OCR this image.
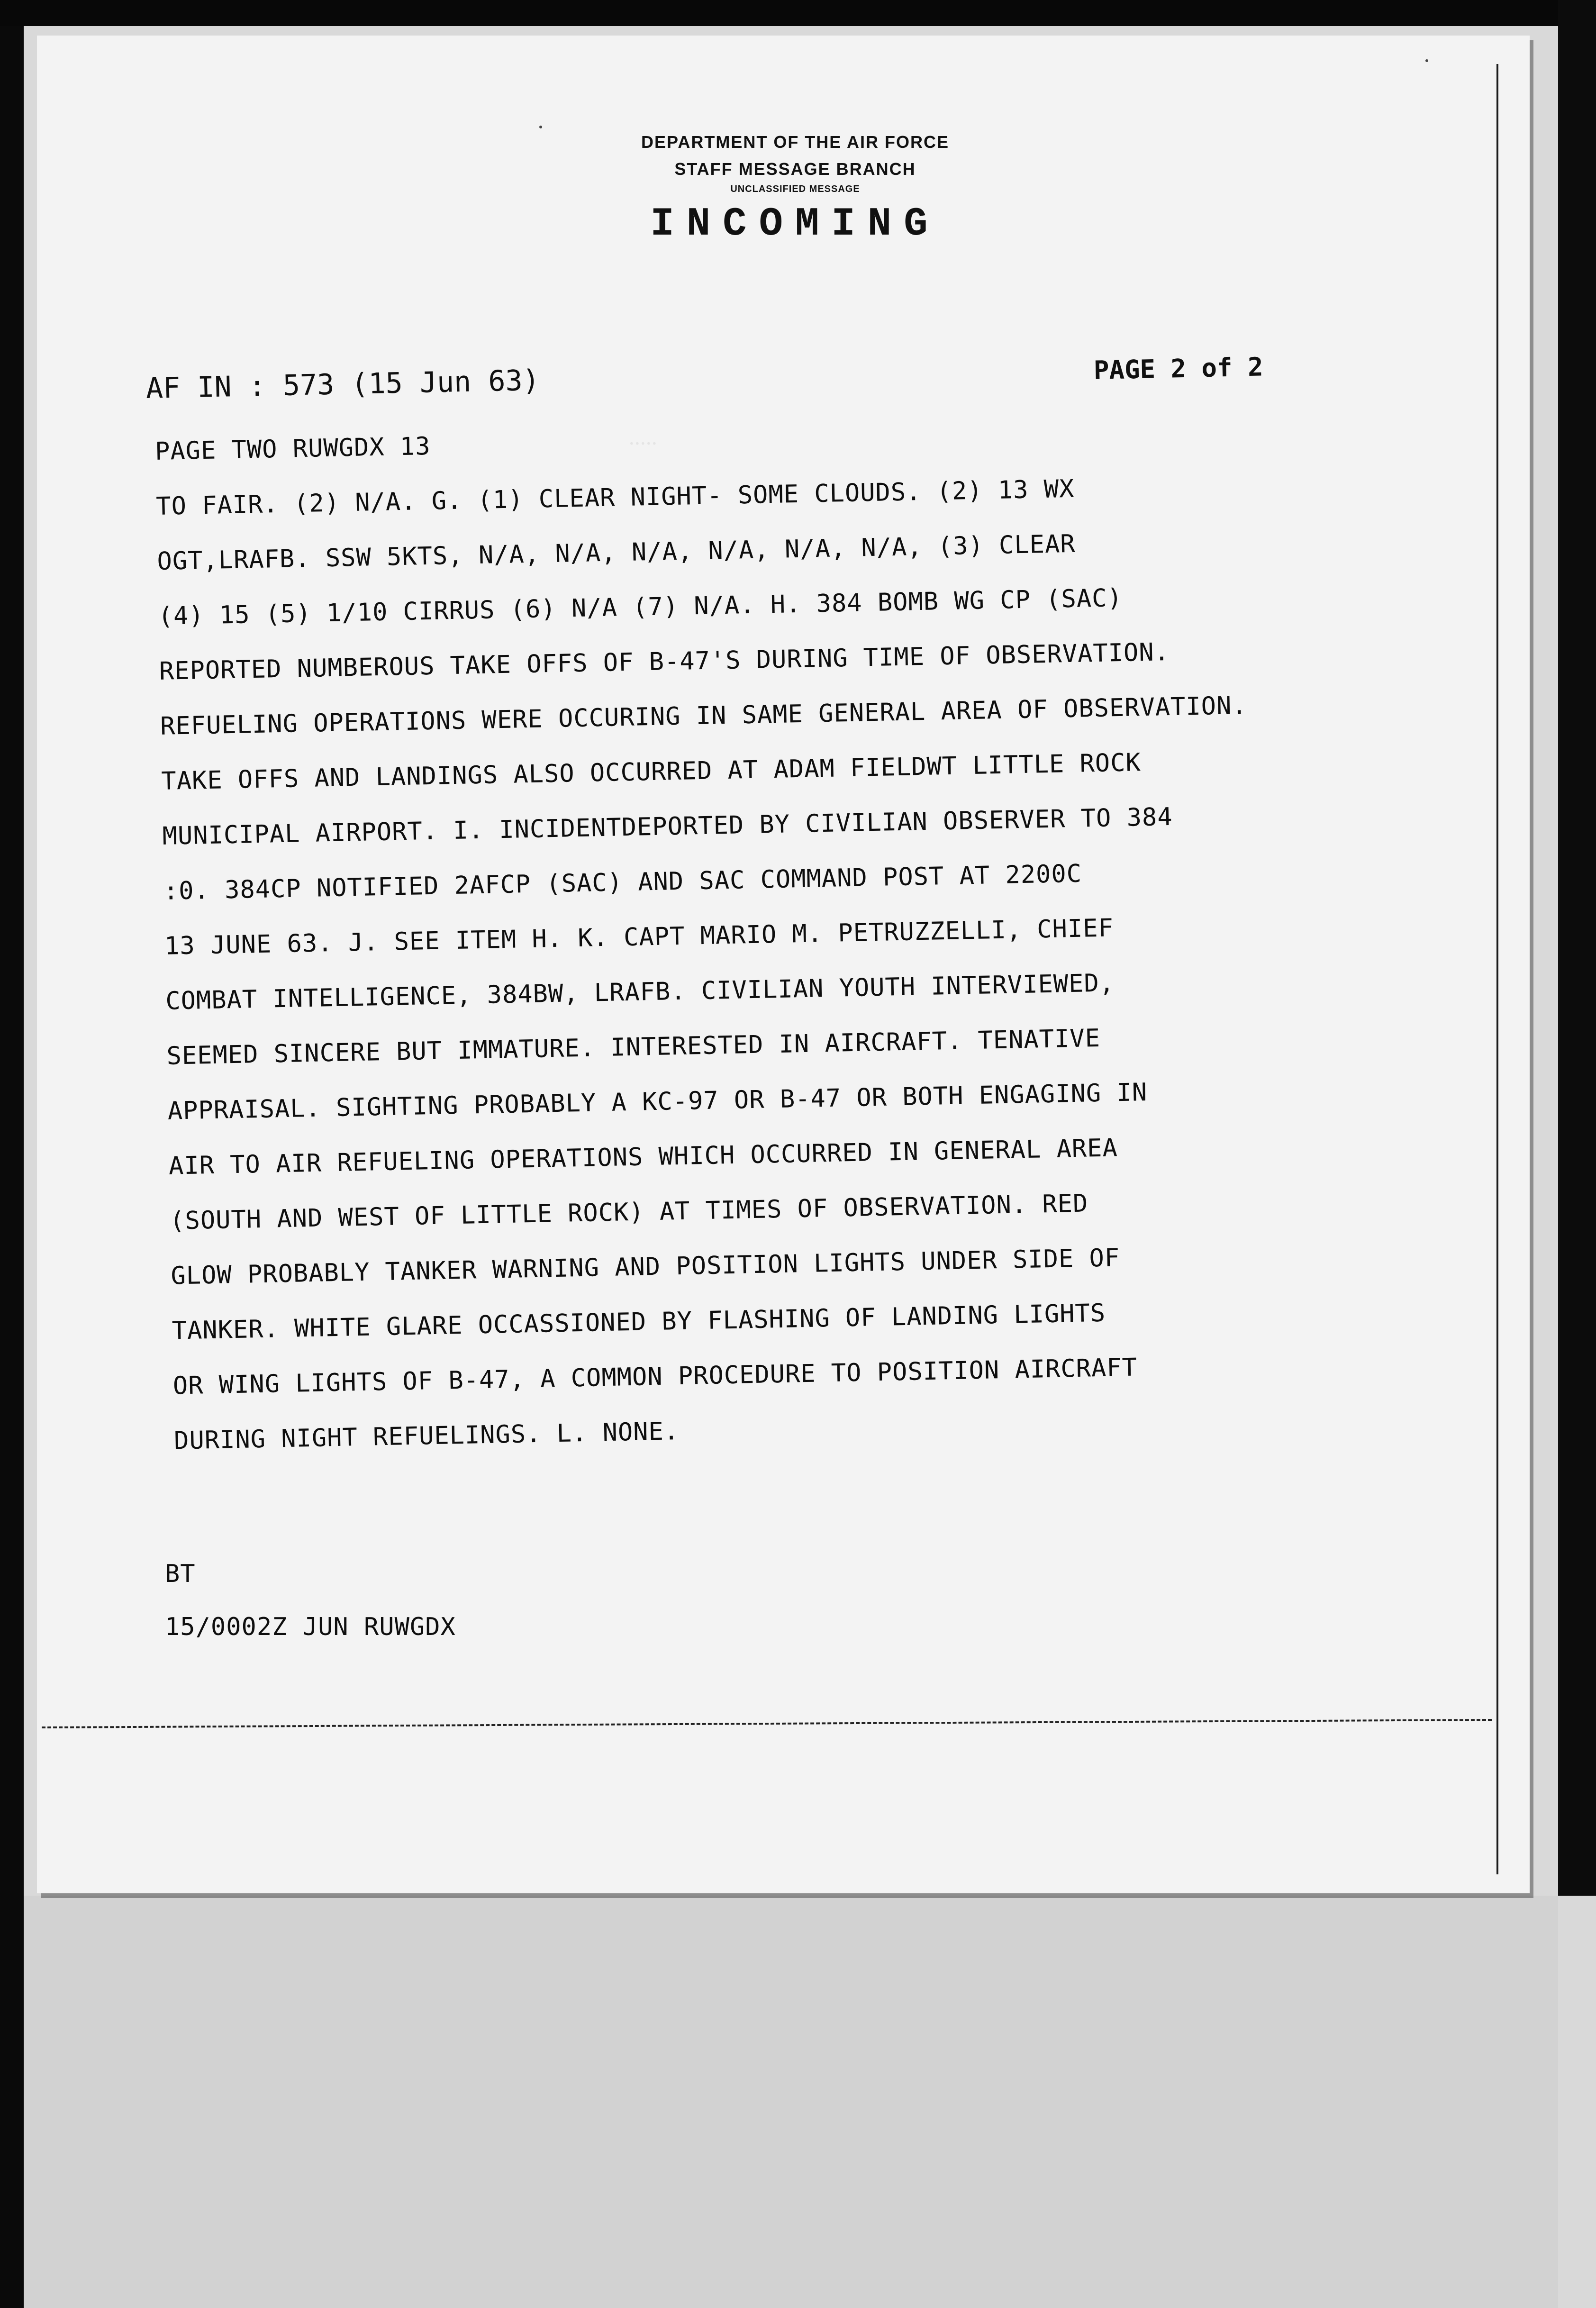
DEPARTMENT OF THE AIR FORCE
STAFF MESSAGE BRANCH
UNCLASSIFIED MESSAGE
INCOMING
AF IN : 573 (15 Jun 63)	PAGE 2 of 2
.....
PAGE TWO RUWGDX 13
TO FAIR. (2) N/A. G. (1) CLEAR NIGHT- SOME CLOUDS. (2) 13 WX
OGT,LRAFB. SSW 5KTS, N/A, N/A, N/A, N/A, N/A, N/A, (3) CLEAR
(4) 15 (5) 1/10 CIRRUS (6) N/A (7) N/A. H. 384 BOMB WG CP (SAC)
REPORTED NUMBEROUS TAKE OFFS OF B-47'S DURING TIME OF OBSERVATION.
REFUELING OPERATIONS WERE OCCURING IN SAME GENERAL AREA OF OBSERVATION.
TAKE OFFS AND LANDINGS ALSO OCCURRED AT ADAM FIELDWT LITTLE ROCK
MUNICIPAL AIRPORT. I. INCIDENTDEPORTED BY CIVILIAN OBSERVER TO 384
:0. 384CP NOTIFIED 2AFCP (SAC) AND SAC COMMAND POST AT 2200C
13 JUNE 63. J. SEE ITEM H. K. CAPT MARIO M. PETRUZZELLI, CHIEF
COMBAT INTELLIGENCE, 384BW, LRAFB. CIVILIAN YOUTH INTERVIEWED,
SEEMED SINCERE BUT IMMATURE. INTERESTED IN AIRCRAFT. TENATIVE
APPRAISAL. SIGHTING PROBABLY A KC-97 OR B-47 OR BOTH ENGAGING IN
AIR TO AIR REFUELING OPERATIONS WHICH OCCURRED IN GENERAL AREA
(SOUTH AND WEST OF LITTLE ROCK) AT TIMES OF OBSERVATION. RED
GLOW PROBABLY TANKER WARNING AND POSITION LIGHTS UNDER SIDE OF
TANKER. WHITE GLARE OCCASSIONED BY FLASHING OF LANDING LIGHTS
OR WING LIGHTS OF B-47, A COMMON PROCEDURE TO POSITION AIRCRAFT
DURING NIGHT REFUELINGS. L. NONE.
BT
15/0002Z JUN RUWGDX
